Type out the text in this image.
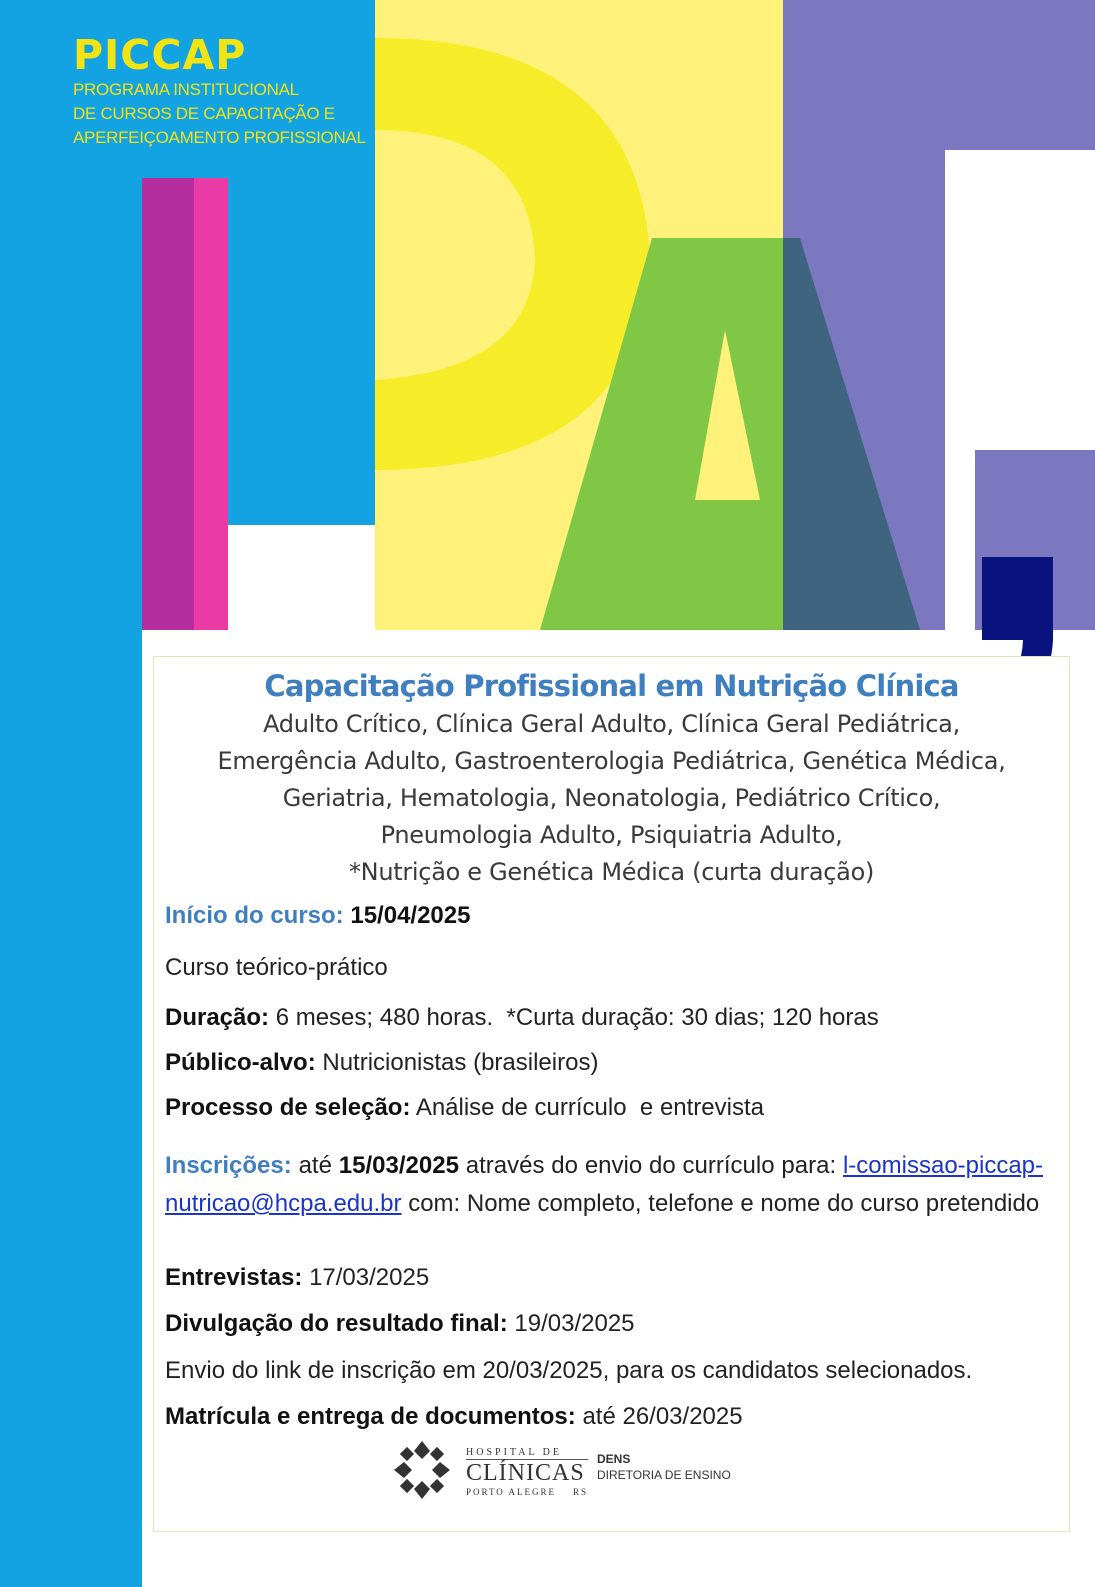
PICCAP
PROGRAMA INSTITUCIONAL
DE CURSOS DE CAPACITAÇÃO E
APERFEIÇOAMENTO PROFISSIONAL
Capacitação Profissional em Nutrição Clínica
Adulto Crítico, Clínica Geral Adulto, Clínica Geral Pediátrica,
Emergência Adulto, Gastroenterologia Pediátrica, Genética Médica,
Geriatria, Hematologia, Neonatologia, Pediátrico Crítico,
Pneumologia Adulto, Psiquiatria Adulto,
*Nutrição e Genética Médica (curta duração)
Início do curso: 15/04/2025
Curso teórico-prático
Duração: 6 meses; 480 horas.  *Curta duração: 30 dias; 120 horas
Público-alvo: Nutricionistas (brasileiros)
Processo de seleção: Análise de currículo  e entrevista
Inscrições: até 15/03/2025 através do envio do currículo para: l-comissao-piccap-nutricao@hcpa.edu.br com: Nome completo, telefone e nome do curso pretendido
Entrevistas: 17/03/2025
Divulgação do resultado final: 19/03/2025
Envio do link de inscrição em 20/03/2025, para os candidatos selecionados.
Matrícula e entrega de documentos: até 26/03/2025
HOSPITAL DE
CLÍNICAS
PORTO ALEGRE    RS
DENS
DIRETORIA DE ENSINO
